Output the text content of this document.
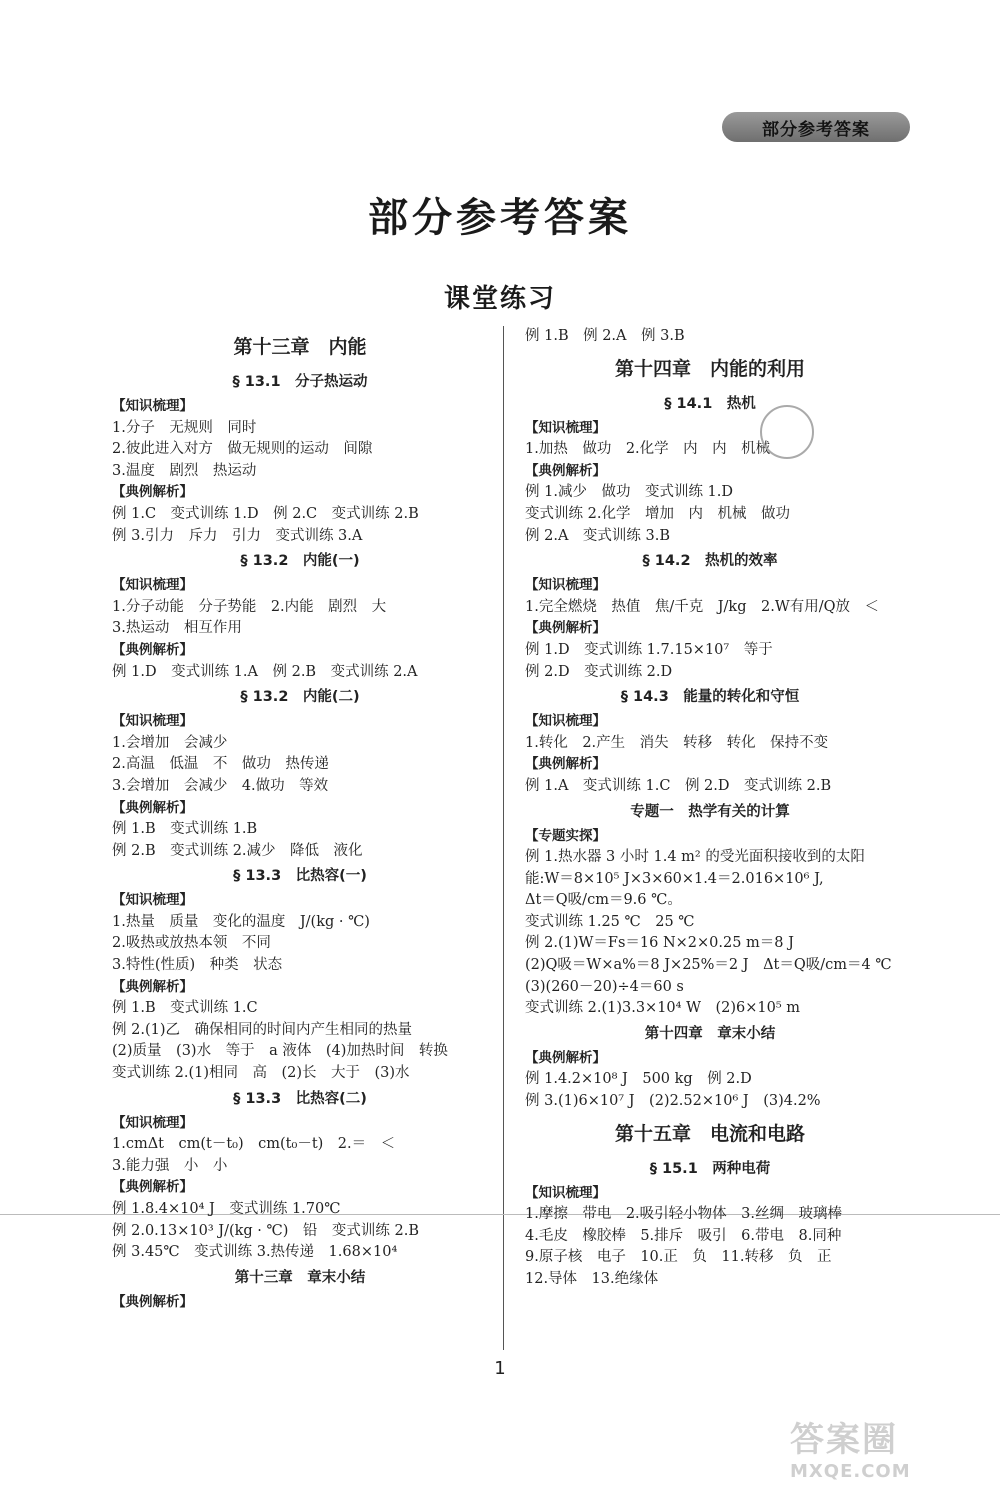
部分参考答案
部分参考答案
课堂练习
第十三章　内能
§ 13.1　分子热运动
【知识梳理】
1.分子　无规则　同时
2.彼此进入对方　做无规则的运动　间隙
3.温度　剧烈　热运动
【典例解析】
例 1.C　变式训练 1.D　例 2.C　变式训练 2.B
例 3.引力　斥力　引力　变式训练 3.A
§ 13.2　内能(一)
【知识梳理】
1.分子动能　分子势能　2.内能　剧烈　大
3.热运动　相互作用
【典例解析】
例 1.D　变式训练 1.A　例 2.B　变式训练 2.A
§ 13.2　内能(二)
【知识梳理】
1.会增加　会减少
2.高温　低温　不　做功　热传递
3.会增加　会减少　4.做功　等效
【典例解析】
例 1.B　变式训练 1.B
例 2.B　变式训练 2.减少　降低　液化
§ 13.3　比热容(一)
【知识梳理】
1.热量　质量　变化的温度　J/(kg · ℃)
2.吸热或放热本领　不同
3.特性(性质)　种类　状态
【典例解析】
例 1.B　变式训练 1.C
例 2.(1)乙　确保相同的时间内产生相同的热量
(2)质量　(3)水　等于　a 液体　(4)加热时间　转换
变式训练 2.(1)相同　高　(2)长　大于　(3)水
§ 13.3　比热容(二)
【知识梳理】
1.cmΔt　cm(t－t₀)　cm(t₀－t)　2.＝　＜
3.能力强　小　小
【典例解析】
例 1.8.4×10⁴ J　变式训练 1.70℃
例 2.0.13×10³ J/(kg · ℃)　铅　变式训练 2.B
例 3.45℃　变式训练 3.热传递　1.68×10⁴
第十三章　章末小结
【典例解析】
例 1.B　例 2.A　例 3.B
第十四章　内能的利用
§ 14.1　热机
【知识梳理】
1.加热　做功　2.化学　内　内　机械
【典例解析】
例 1.减少　做功　变式训练 1.D
变式训练 2.化学　增加　内　机械　做功
例 2.A　变式训练 3.B
§ 14.2　热机的效率
【知识梳理】
1.完全燃烧　热值　焦/千克　J/kg　2.W有用/Q放　＜
【典例解析】
例 1.D　变式训练 1.7.15×10⁷　等于
例 2.D　变式训练 2.D
§ 14.3　能量的转化和守恒
【知识梳理】
1.转化　2.产生　消失　转移　转化　保持不变
【典例解析】
例 1.A　变式训练 1.C　例 2.D　变式训练 2.B
专题一　热学有关的计算
【专题实探】
例 1.热水器 3 小时 1.4 m² 的受光面积接收到的太阳
能:W＝8×10⁵ J×3×60×1.4＝2.016×10⁶ J,
Δt＝Q吸/cm＝9.6 ℃。
变式训练 1.25 ℃　25 ℃
例 2.(1)W＝Fs＝16 N×2×0.25 m＝8 J
(2)Q吸＝W×a%＝8 J×25%＝2 J　Δt＝Q吸/cm＝4 ℃
(3)(260－20)÷4＝60 s
变式训练 2.(1)3.3×10⁴ W　(2)6×10⁵ m
第十四章　章末小结
【典例解析】
例 1.4.2×10⁸ J　500 kg　例 2.D
例 3.(1)6×10⁷ J　(2)2.52×10⁶ J　(3)4.2%
第十五章　电流和电路
§ 15.1　两种电荷
【知识梳理】
1.摩擦　带电　2.吸引轻小物体　3.丝绸　玻璃棒
4.毛皮　橡胶棒　5.排斥　吸引　6.带电　8.同种
9.原子核　电子　10.正　负　11.转移　负　正
12.导体　13.绝缘体
1
答案圈
MXQE.COM
